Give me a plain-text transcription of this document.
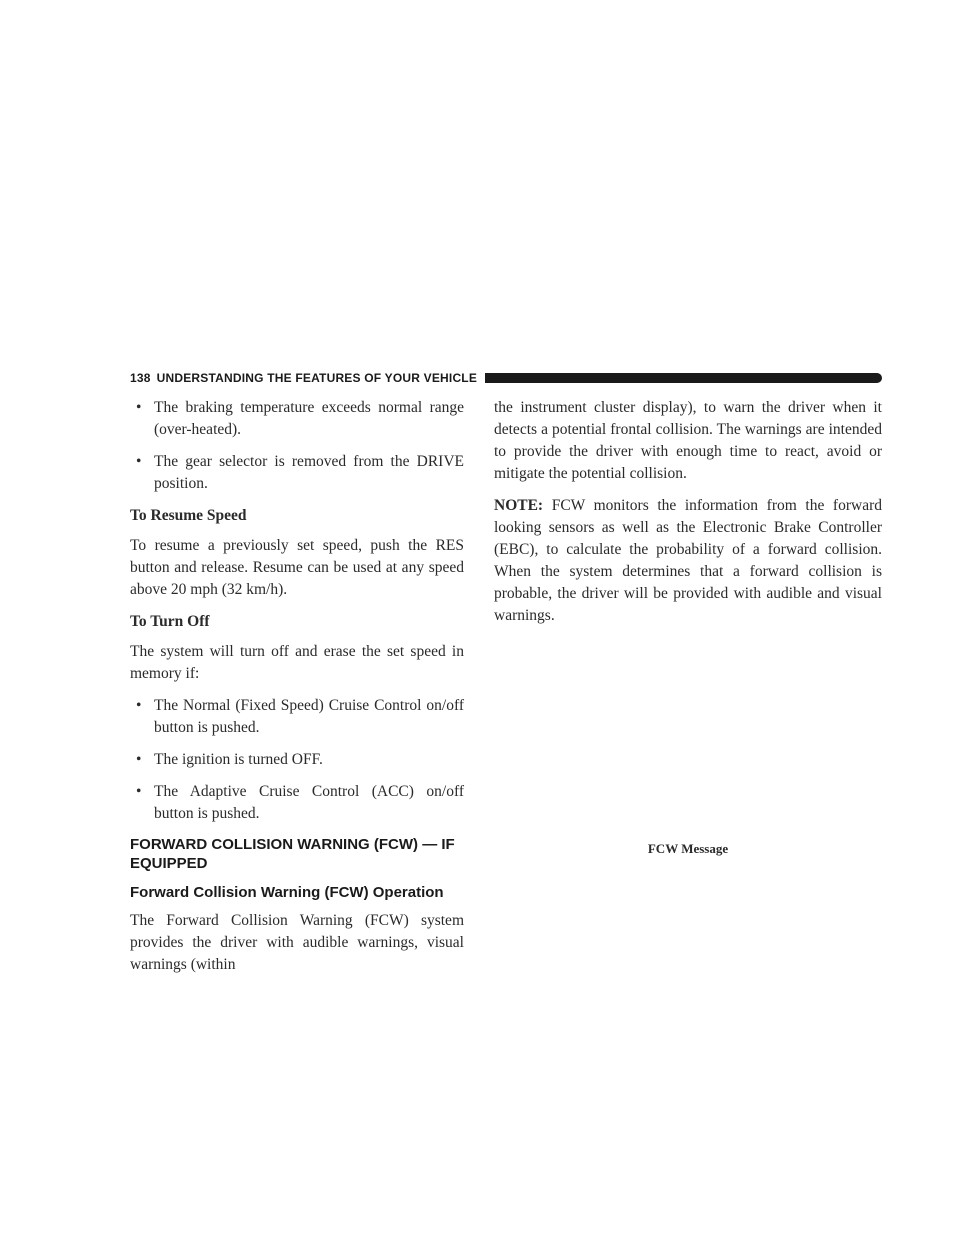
138 UNDERSTANDING THE FEATURES OF YOUR VEHICLE
• The braking temperature exceeds normal range (over-heated).
• The gear selector is removed from the DRIVE position.
To Resume Speed

To resume a previously set speed, push the RES button and release. Resume can be used at any speed above 20 mph (32 km/h).

To Turn Off

The system will turn off and erase the set speed in memory if:

• The Normal (Fixed Speed) Cruise Control on/off button is pushed.
• The ignition is turned OFF.
• The Adaptive Cruise Control (ACC) on/off button is pushed.
FORWARD COLLISION WARNING (FCW) — IF EQUIPPED
Forward Collision Warning (FCW) Operation

The Forward Collision Warning (FCW) system provides the driver with audible warnings, visual warnings (within

the instrument cluster display), to warn the driver when it detects a potential frontal collision. The warnings are intended to provide the driver with enough time to react, avoid or mitigate the potential collision.

NOTE: FCW monitors the information from the forward looking sensors as well as the Electronic Brake Controller (EBC), to calculate the probability of a forward collision. When the system determines that a forward collision is probable, the driver will be provided with audible and visual warnings.

FCW Message
